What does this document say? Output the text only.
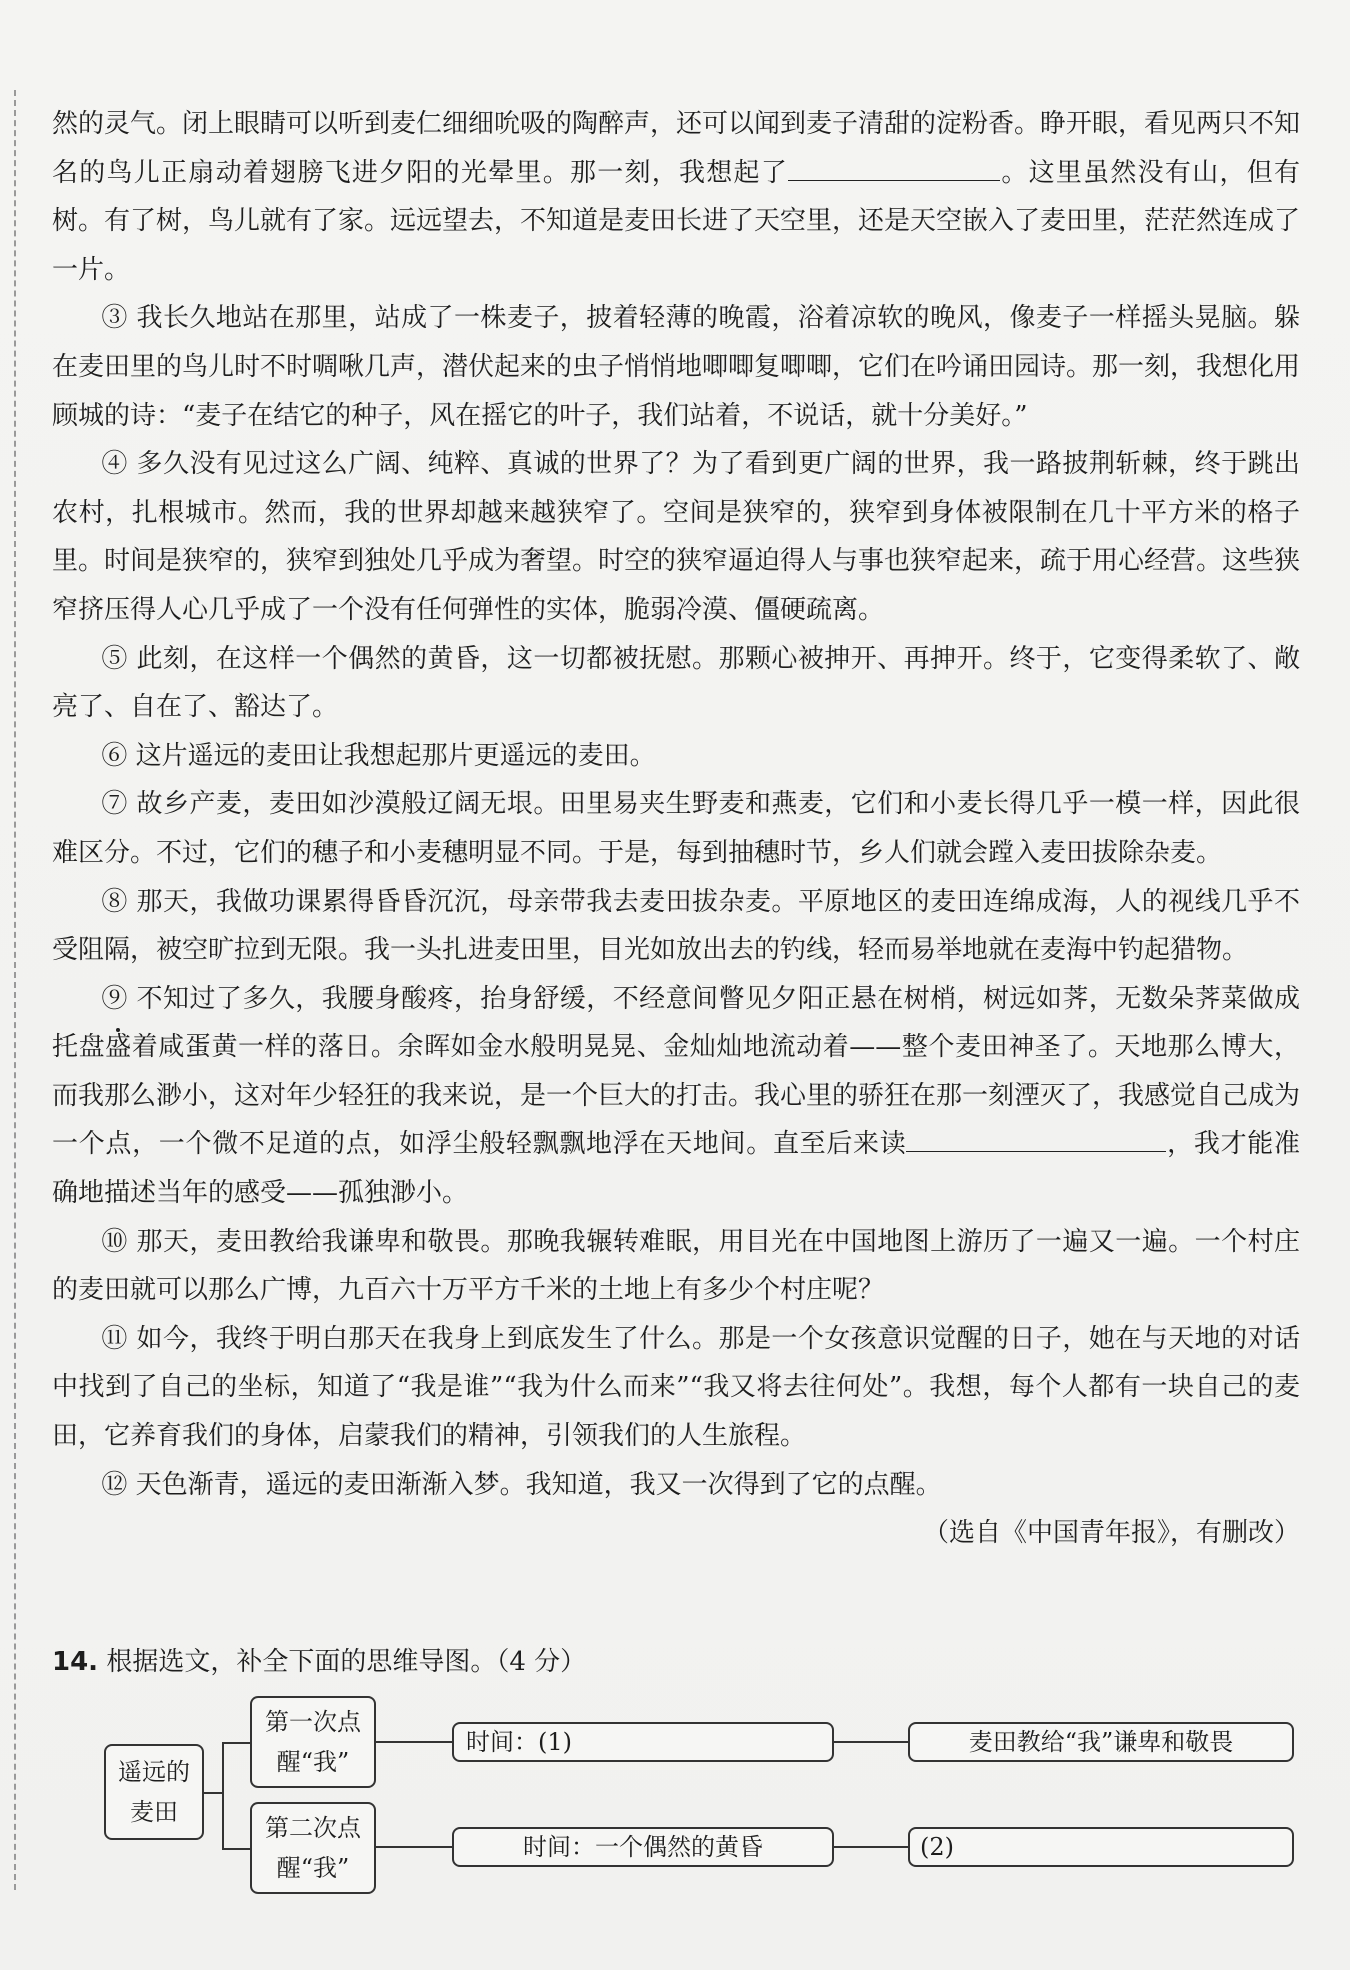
然的灵气。闭上眼睛可以听到麦仁细细吮吸的陶醉声，还可以闻到麦子清甜的淀粉香。睁开眼，看见两只不知名的鸟儿正扇动着翅膀飞进夕阳的光晕里。那一刻，我想起了	。这里虽然没有山，但有树。有了树，鸟儿就有了家。远远望去，不知道是麦田长进了天空里，还是天空嵌入了麦田里，茫茫然连成了一片。

③ 我长久地站在那里，站成了一株麦子，披着轻薄的晚霞，浴着凉软的晚风，像麦子一样摇头晃脑。躲在麦田里的鸟儿时不时啁啾几声，潜伏起来的虫子悄悄地唧唧复唧唧，它们在吟诵田园诗。那一刻，我想化用顾城的诗：“麦子在结它的种子，风在摇它的叶子，我们站着，不说话，就十分美好。”

④ 多久没有见过这么广阔、纯粹、真诚的世界了？为了看到更广阔的世界，我一路披荆斩棘，终于跳出农村，扎根城市。然而，我的世界却越来越狭窄了。空间是狭窄的，狭窄到身体被限制在几十平方米的格子里。时间是狭窄的，狭窄到独处几乎成为奢望。时空的狭窄逼迫得人与事也狭窄起来，疏于用心经营。这些狭窄挤压得人心几乎成了一个没有任何弹性的实体，脆弱冷漠、僵硬疏离。

⑤ 此刻，在这样一个偶然的黄昏，这一切都被抚慰。那颗心被抻开、再抻开。终于，它变得柔软了、敞亮了、自在了、豁达了。

⑥ 这片遥远的麦田让我想起那片更遥远的麦田。

⑦ 故乡产麦，麦田如沙漠般辽阔无垠。田里易夹生野麦和燕麦，它们和小麦长得几乎一模一样，因此很难区分。不过，它们的穗子和小麦穗明显不同。于是，每到抽穗时节，乡人们就会蹚入麦田拔除杂麦。

⑧ 那天，我做功课累得昏昏沉沉，母亲带我去麦田拔杂麦。平原地区的麦田连绵成海，人的视线几乎不受阻隔，被空旷拉到无限。我一头扎进麦田里，目光如放出去的钓线，轻而易举地就在麦海中钓起猎物。

⑨ 不知过了多久，我腰身酸疼，抬身舒缓，不经意间瞥见夕阳正悬在树梢，树远如荠，无数朵荠菜做成托盘盛着咸蛋黄一样的落日。余晖如金水般明晃晃、金灿灿地流动着——整个麦田神圣了。天地那么博大，而我那么渺小，这对年少轻狂的我来说，是一个巨大的打击。我心里的骄狂在那一刻湮灭了，我感觉自己成为一个点，一个微不足道的点，如浮尘般轻飘飘地浮在天地间。直至后来读	，我才能准确地描述当年的感受——孤独渺小。

⑩ 那天，麦田教给我谦卑和敬畏。那晚我辗转难眠，用目光在中国地图上游历了一遍又一遍。一个村庄的麦田就可以那么广博，九百六十万平方千米的土地上有多少个村庄呢？

⑪ 如今，我终于明白那天在我身上到底发生了什么。那是一个女孩意识觉醒的日子，她在与天地的对话中找到了自己的坐标，知道了“我是谁”“我为什么而来”“我又将去往何处”。我想，每个人都有一块自己的麦田，它养育我们的身体，启蒙我们的精神，引领我们的人生旅程。

⑫ 天色渐青，遥远的麦田渐渐入梦。我知道，我又一次得到了它的点醒。

（选自《中国青年报》，有删改）

14. 根据选文，补全下面的思维导图。（4 分）
遥远的麦田
第一次点醒“我”
第二次点醒“我”
时间：(1)	麦田教给“我”谦卑和敬畏
时间：一个偶然的黄昏	(2)
